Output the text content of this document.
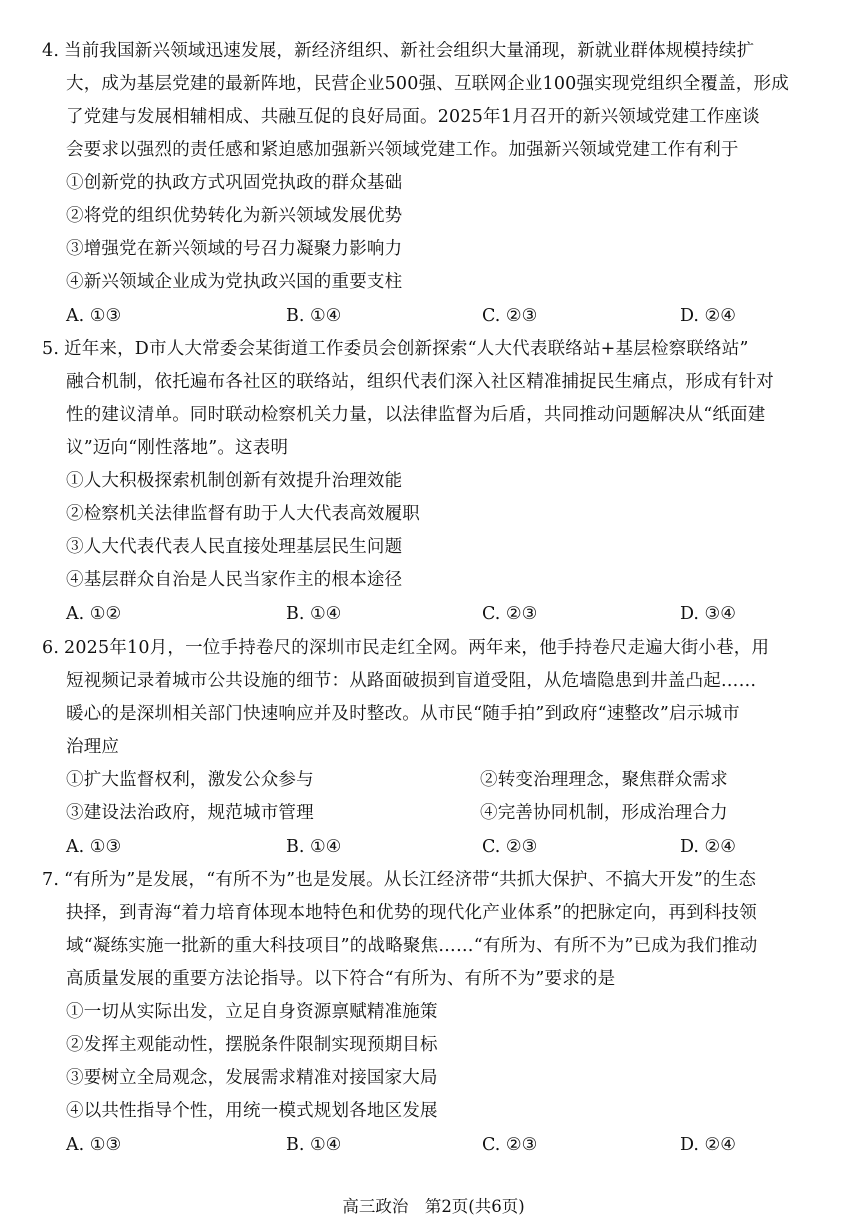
4. 当前我国新兴领域迅速发展，新经济组织、新社会组织大量涌现，新就业群体规模持续扩
大，成为基层党建的最新阵地，民营企业500强、互联网企业100强实现党组织全覆盖，形成
了党建与发展相辅相成、共融互促的良好局面。2025年1月召开的新兴领域党建工作座谈
会要求以强烈的责任感和紧迫感加强新兴领域党建工作。加强新兴领域党建工作有利于
①创新党的执政方式巩固党执政的群众基础
②将党的组织优势转化为新兴领域发展优势
③增强党在新兴领域的号召力凝聚力影响力
④新兴领域企业成为党执政兴国的重要支柱
A. ①③	B. ①④	C. ②③	D. ②④
5. 近年来，D市人大常委会某街道工作委员会创新探索“人大代表联络站+基层检察联络站”
融合机制，依托遍布各社区的联络站，组织代表们深入社区精准捕捉民生痛点，形成有针对
性的建议清单。同时联动检察机关力量，以法律监督为后盾，共同推动问题解决从“纸面建
议”迈向“刚性落地”。这表明
①人大积极探索机制创新有效提升治理效能
②检察机关法律监督有助于人大代表高效履职
③人大代表代表人民直接处理基层民生问题
④基层群众自治是人民当家作主的根本途径
A. ①②	B. ①④	C. ②③	D. ③④
6. 2025年10月，一位手持卷尺的深圳市民走红全网。两年来，他手持卷尺走遍大街小巷，用
短视频记录着城市公共设施的细节：从路面破损到盲道受阻，从危墙隐患到井盖凸起……
暖心的是深圳相关部门快速响应并及时整改。从市民“随手拍”到政府“速整改”启示城市
治理应
①扩大监督权利，激发公众参与	②转变治理理念，聚焦群众需求
③建设法治政府，规范城市管理	④完善协同机制，形成治理合力
A. ①③	B. ①④	C. ②③	D. ②④
7. “有所为”是发展，“有所不为”也是发展。从长江经济带“共抓大保护、不搞大开发”的生态
抉择，到青海“着力培育体现本地特色和优势的现代化产业体系”的把脉定向，再到科技领
域“凝练实施一批新的重大科技项目”的战略聚焦……“有所为、有所不为”已成为我们推动
高质量发展的重要方法论指导。以下符合“有所为、有所不为”要求的是
①一切从实际出发，立足自身资源禀赋精准施策
②发挥主观能动性，摆脱条件限制实现预期目标
③要树立全局观念，发展需求精准对接国家大局
④以共性指导个性，用统一模式规划各地区发展
A. ①③	B. ①④	C. ②③	D. ②④
高三政治　第2页(共6页)
